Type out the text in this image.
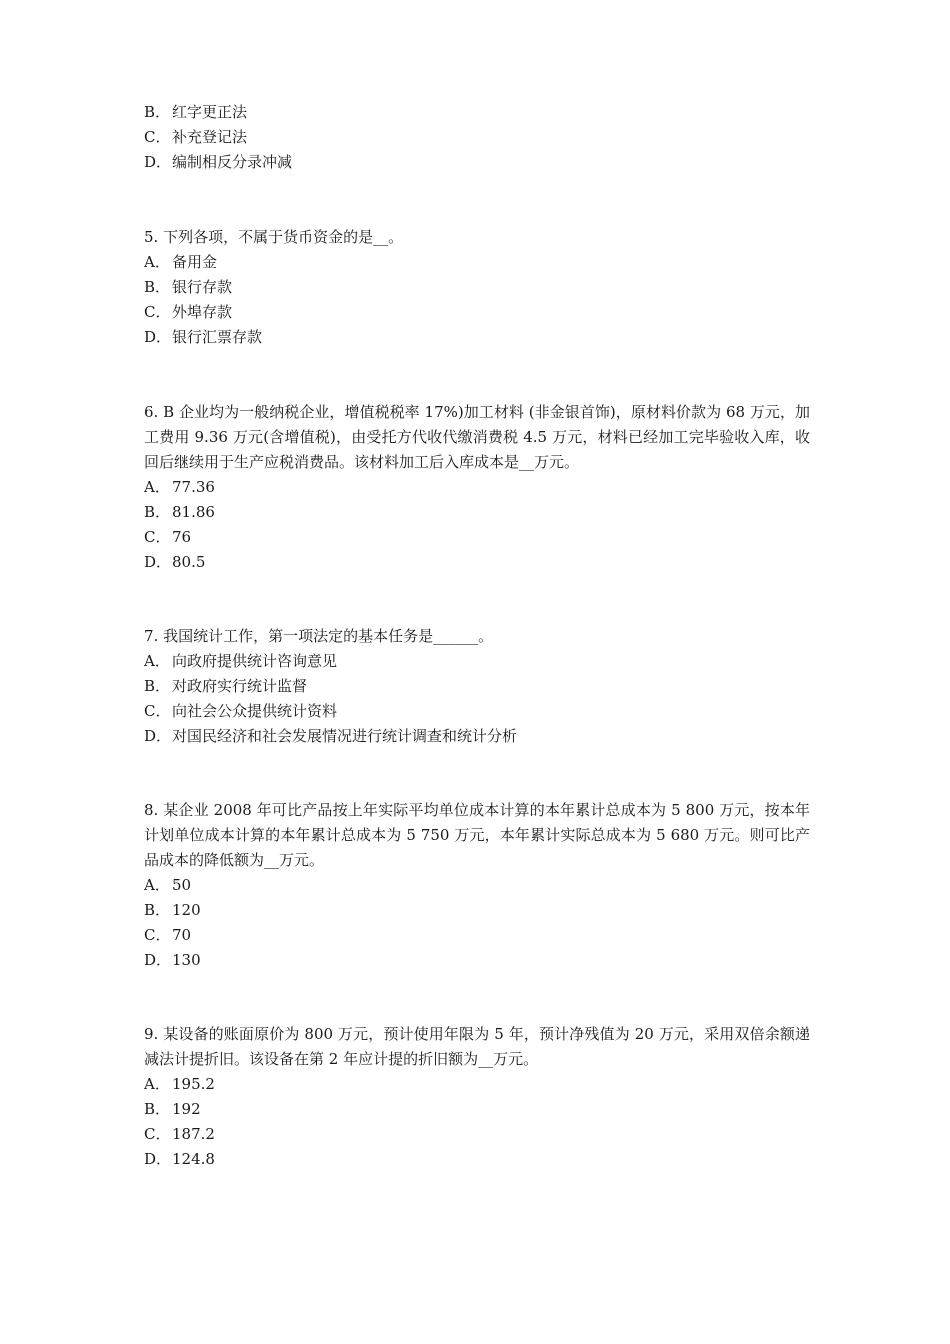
B． 红字更正法
C． 补充登记法
D．编制相反分录冲减
5. 下列各项，不属于货币资金的是__。
A． 备用金
B． 银行存款
C． 外埠存款
D．银行汇票存款
6. B 企业均为一般纳税企业，增值税税率 17%)加工材料 (非金银首饰)，原材料价款为 68 万元，加工费用 9.36 万元(含增值税)，由受托方代收代缴消费税 4.5 万元，材料已经加工完毕验收入库，收回后继续用于生产应税消费品。该材料加工后入库成本是__万元。
A． 77.36
B． 81.86
C． 76
D．80.5
7. 我国统计工作，第一项法定的基本任务是______。
A． 向政府提供统计咨询意见
B． 对政府实行统计监督
C． 向社会公众提供统计资料
D．对国民经济和社会发展情况进行统计调查和统计分析
8. 某企业 2008 年可比产品按上年实际平均单位成本计算的本年累计总成本为 5 800 万元，按本年计划单位成本计算的本年累计总成本为 5 750 万元，本年累计实际总成本为 5 680 万元。则可比产品成本的降低额为__万元。
A． 50
B． 120
C． 70
D．130
9. 某设备的账面原价为 800 万元，预计使用年限为 5 年，预计净残值为 20 万元，采用双倍余额递减法计提折旧。该设备在第 2 年应计提的折旧额为__万元。
A． 195.2
B． 192
C． 187.2
D．124.8
